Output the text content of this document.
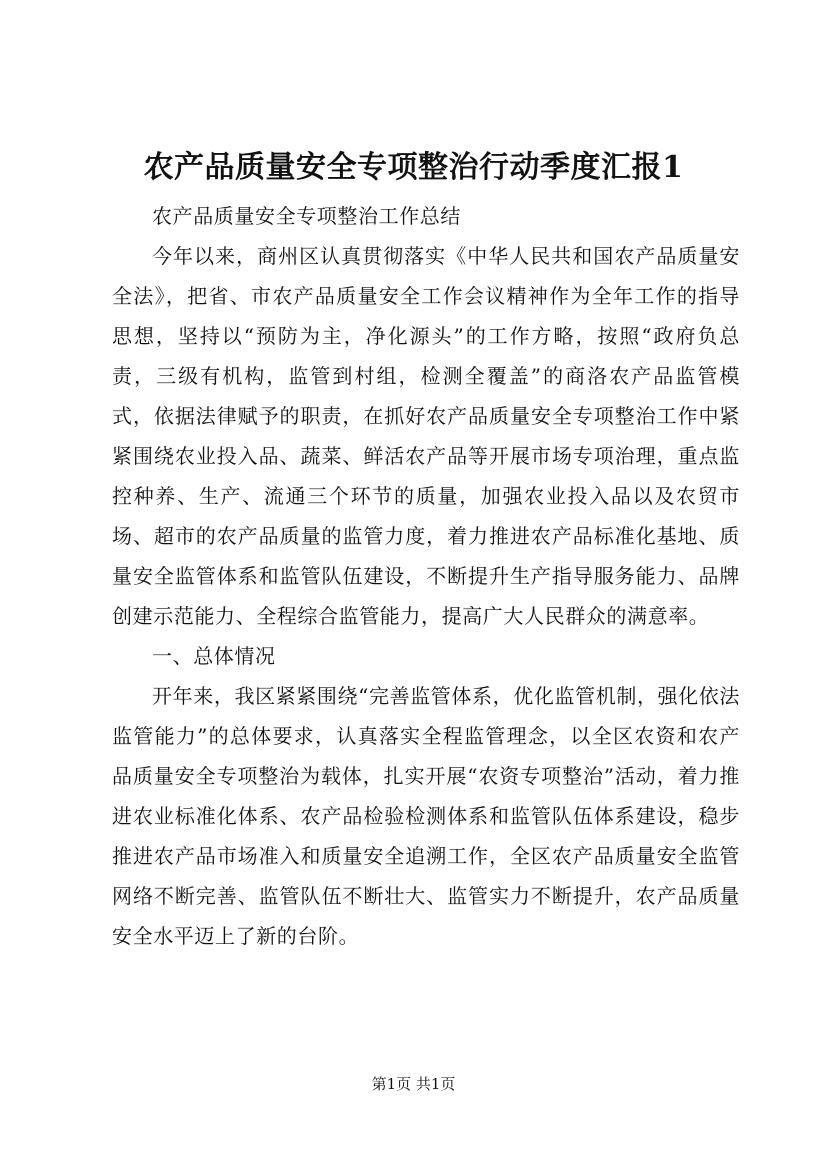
农产品质量安全专项整治行动季度汇报1

农产品质量安全专项整治工作总结

今年以来，商州区认真贯彻落实《中华人民共和国农产品质量安全法》，把省、市农产品质量安全工作会议精神作为全年工作的指导思想，坚持以“预防为主，净化源头”的工作方略，按照“政府负总责，三级有机构，监管到村组，检测全覆盖”的商洛农产品监管模式，依据法律赋予的职责，在抓好农产品质量安全专项整治工作中紧紧围绕农业投入品、蔬菜、鲜活农产品等开展市场专项治理，重点监控种养、生产、流通三个环节的质量，加强农业投入品以及农贸市场、超市的农产品质量的监管力度，着力推进农产品标准化基地、质量安全监管体系和监管队伍建设，不断提升生产指导服务能力、品牌创建示范能力、全程综合监管能力，提高广大人民群众的满意率。

一、总体情况

开年来，我区紧紧围绕“完善监管体系，优化监管机制，强化依法监管能力”的总体要求，认真落实全程监管理念，以全区农资和农产品质量安全专项整治为载体，扎实开展“农资专项整治”活动，着力推进农业标准化体系、农产品检验检测体系和监管队伍体系建设，稳步推进农产品市场准入和质量安全追溯工作，全区农产品质量安全监管网络不断完善、监管队伍不断壮大、监管实力不断提升，农产品质量安全水平迈上了新的台阶。

第1页 共1页
